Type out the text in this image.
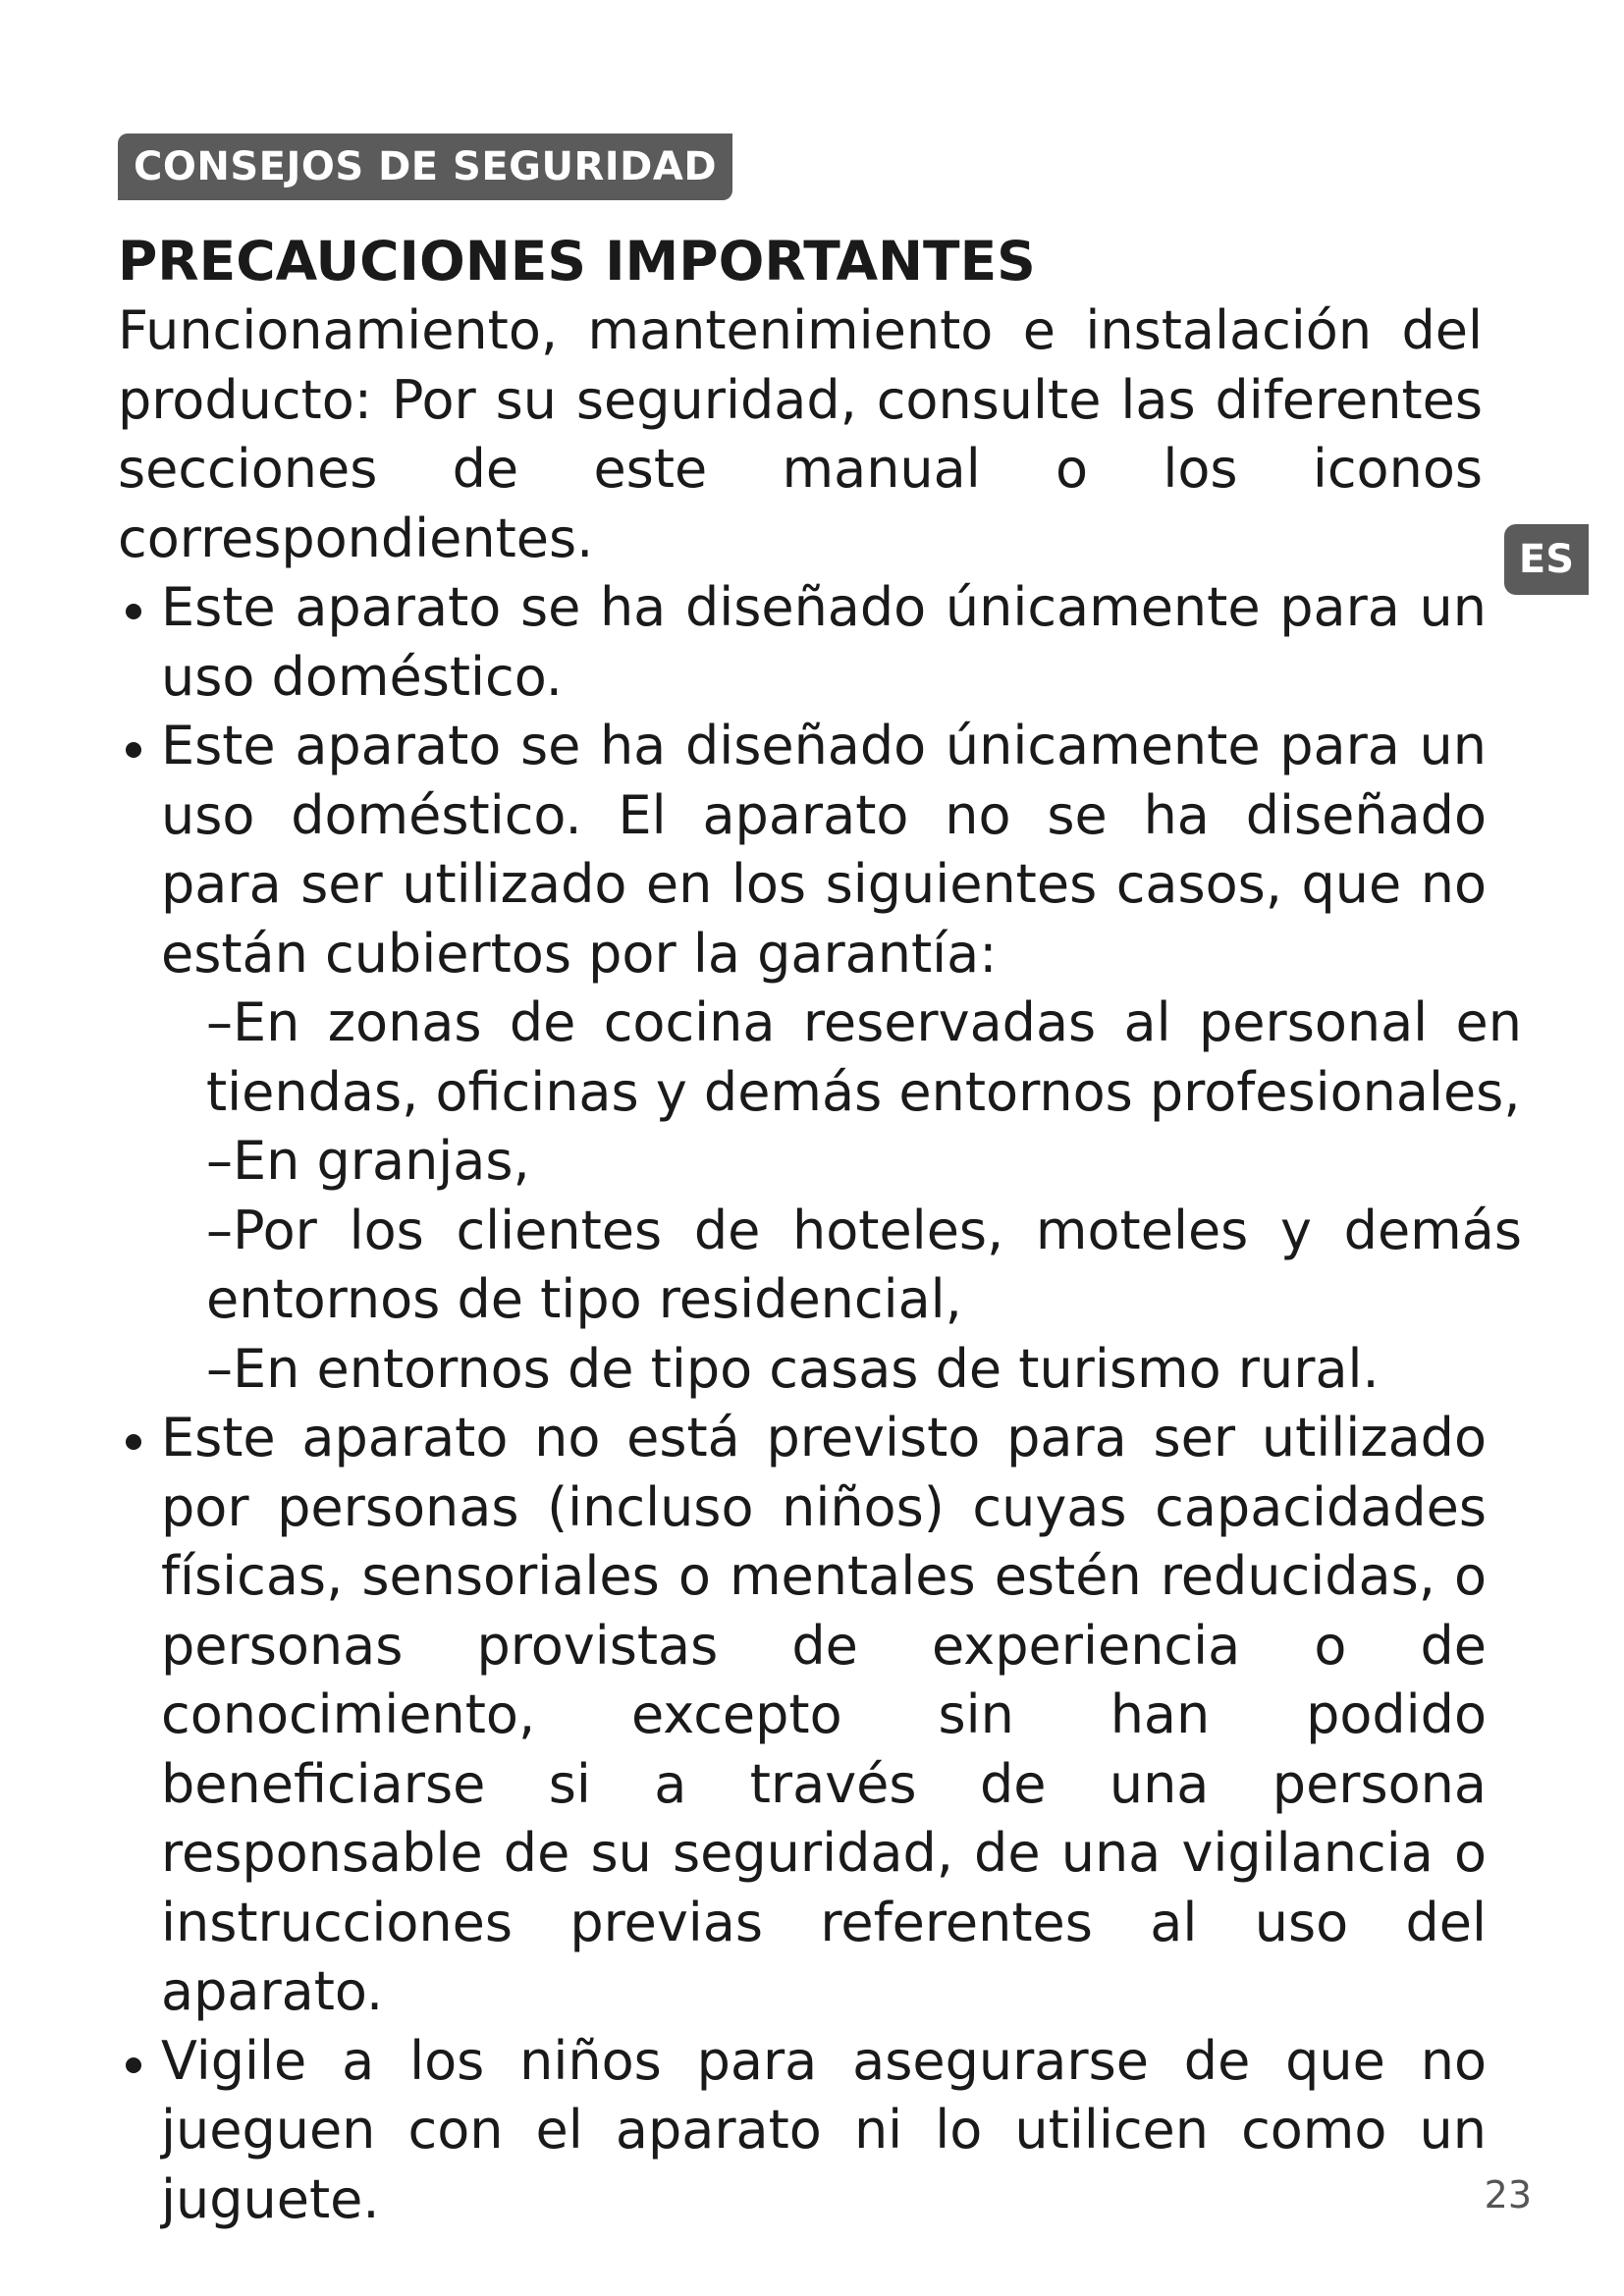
CONSEJOS DE SEGURIDAD
ES
PRECAUCIONES IMPORTANTES

Funcionamiento, mantenimiento e instalación del producto: Por su seguridad, consulte las diferentes secciones de este manual o los iconos correspondientes.

Este aparato se ha diseñado únicamente para un uso doméstico.
Este aparato se ha diseñado únicamente para un uso doméstico. El aparato no se ha diseñado para ser utilizado en los siguientes casos, que no están cubiertos por la garantía:
–En zonas de cocina reservadas al personal en tiendas, oficinas y demás entornos profesionales,
–En granjas,
–Por los clientes de hoteles, moteles y demás entornos de tipo residencial,
–En entornos de tipo casas de turismo rural.
Este aparato no está previsto para ser utilizado por personas (incluso niños) cuyas capacidades físicas, sensoriales o mentales estén reducidas, o personas provistas de experiencia o de conocimiento, excepto sin han podido beneficiarse si a través de una persona responsable de su seguridad, de una vigilancia o instrucciones previas referentes al uso del aparato.
Vigile a los niños para asegurarse de que no jueguen con el aparato ni lo utilicen como un juguete.	23
